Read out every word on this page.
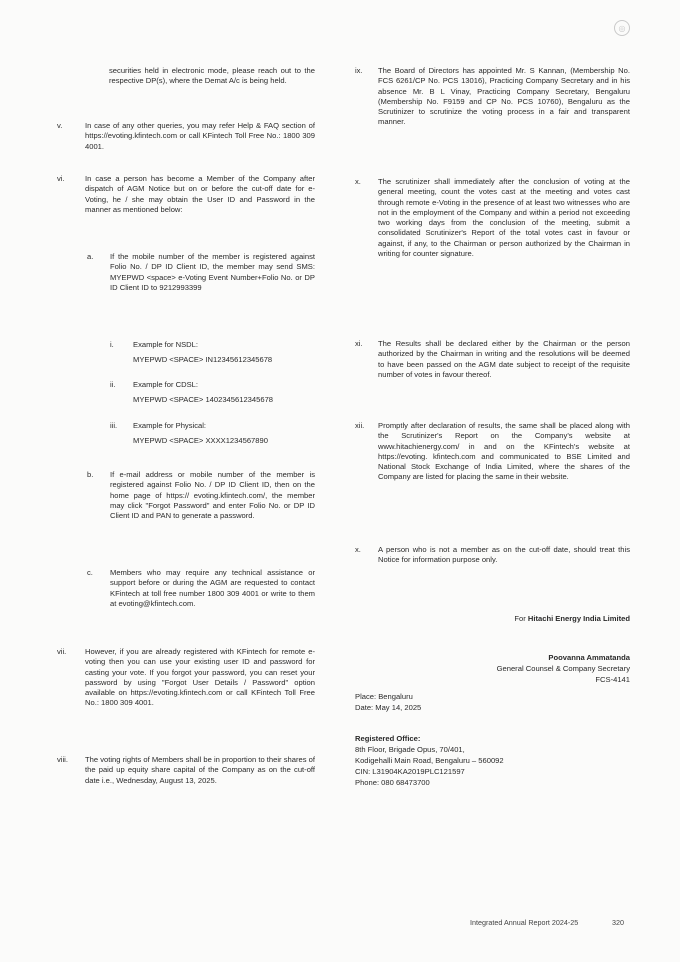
◎

securities held in electronic mode, please reach out to the respective DP(s), where the Demat A/c is being held.

v.	In case of any other queries, you may refer Help & FAQ section of https://evoting.kfintech.com or call KFintech Toll Free No.: 1800 309 4001.
vi.	In case a person has become a Member of the Company after dispatch of AGM Notice but on or before the cut-off date for e-Voting, he / she may obtain the User ID and Password in the manner as mentioned below:
a.	If the mobile number of the member is registered against Folio No. / DP ID Client ID, the member may send SMS: MYEPWD <space> e-Voting Event Number+Folio No. or DP ID Client ID to 9212993399
i.	Example for NSDL:
MYEPWD <SPACE> IN12345612345678
ii.	Example for CDSL:
MYEPWD <SPACE> 1402345612345678
iii.	Example for Physical:
MYEPWD <SPACE> XXXX1234567890
b.	If e-mail address or mobile number of the member is registered against Folio No. / DP ID Client ID, then on the home page of https:// evoting.kfintech.com/, the member may click "Forgot Password" and enter Folio No. or DP ID Client ID and PAN to generate a password.
c.	Members who may require any technical assistance or support before or during the AGM are requested to contact KFintech at toll free number 1800 309 4001 or write to them at evoting@kfintech.com.
vii.	However, if you are already registered with KFintech for remote e-voting then you can use your existing user ID and password for casting your vote. If you forgot your password, you can reset your password by using "Forgot User Details / Password" option available on https://evoting.kfintech.com or call KFintech Toll Free No.: 1800 309 4001.
viii.	The voting rights of Members shall be in proportion to their shares of the paid up equity share capital of the Company as on the cut-off date i.e., Wednesday, August 13, 2025.
ix.	The Board of Directors has appointed Mr. S Kannan, (Membership No. FCS 6261/CP No. PCS 13016), Practicing Company Secretary and in his absence Mr. B L Vinay, Practicing Company Secretary, Bengaluru (Membership No. F9159 and CP No. PCS 10760), Bengaluru as the Scrutinizer to scrutinize the voting process in a fair and transparent manner.
x.	The scrutinizer shall immediately after the conclusion of voting at the general meeting, count the votes cast at the meeting and votes cast through remote e-Voting in the presence of at least two witnesses who are not in the employment of the Company and within a period not exceeding two working days from the conclusion of the meeting, submit a consolidated Scrutinizer's Report of the total votes cast in favour or against, if any, to the Chairman or person authorized by the Chairman in writing for counter signature.
xi.	The Results shall be declared either by the Chairman or the person authorized by the Chairman in writing and the resolutions will be deemed to have been passed on the AGM date subject to receipt of the requisite number of votes in favour thereof.
xii.	Promptly after declaration of results, the same shall be placed along with the Scrutinizer's Report on the Company's website at www.hitachienergy.com/ in and on the KFintech's website at https://evoting. kfintech.com and communicated to BSE Limited and National Stock Exchange of India Limited, where the shares of the Company are listed for placing the same in their website.
x.	A person who is not a member as on the cut-off date, should treat this Notice for information purpose only.
For Hitachi Energy India Limited
Poovanna Ammatanda
General Counsel & Company Secretary
FCS-4141
Place: Bengaluru
Date: May 14, 2025
Registered Office:
8th Floor, Brigade Opus, 70/401,
Kodigehalli Main Road, Bengaluru – 560092
CIN: L31904KA2019PLC121597
Phone: 080 68473700
Integrated Annual Report 2024-25	320
